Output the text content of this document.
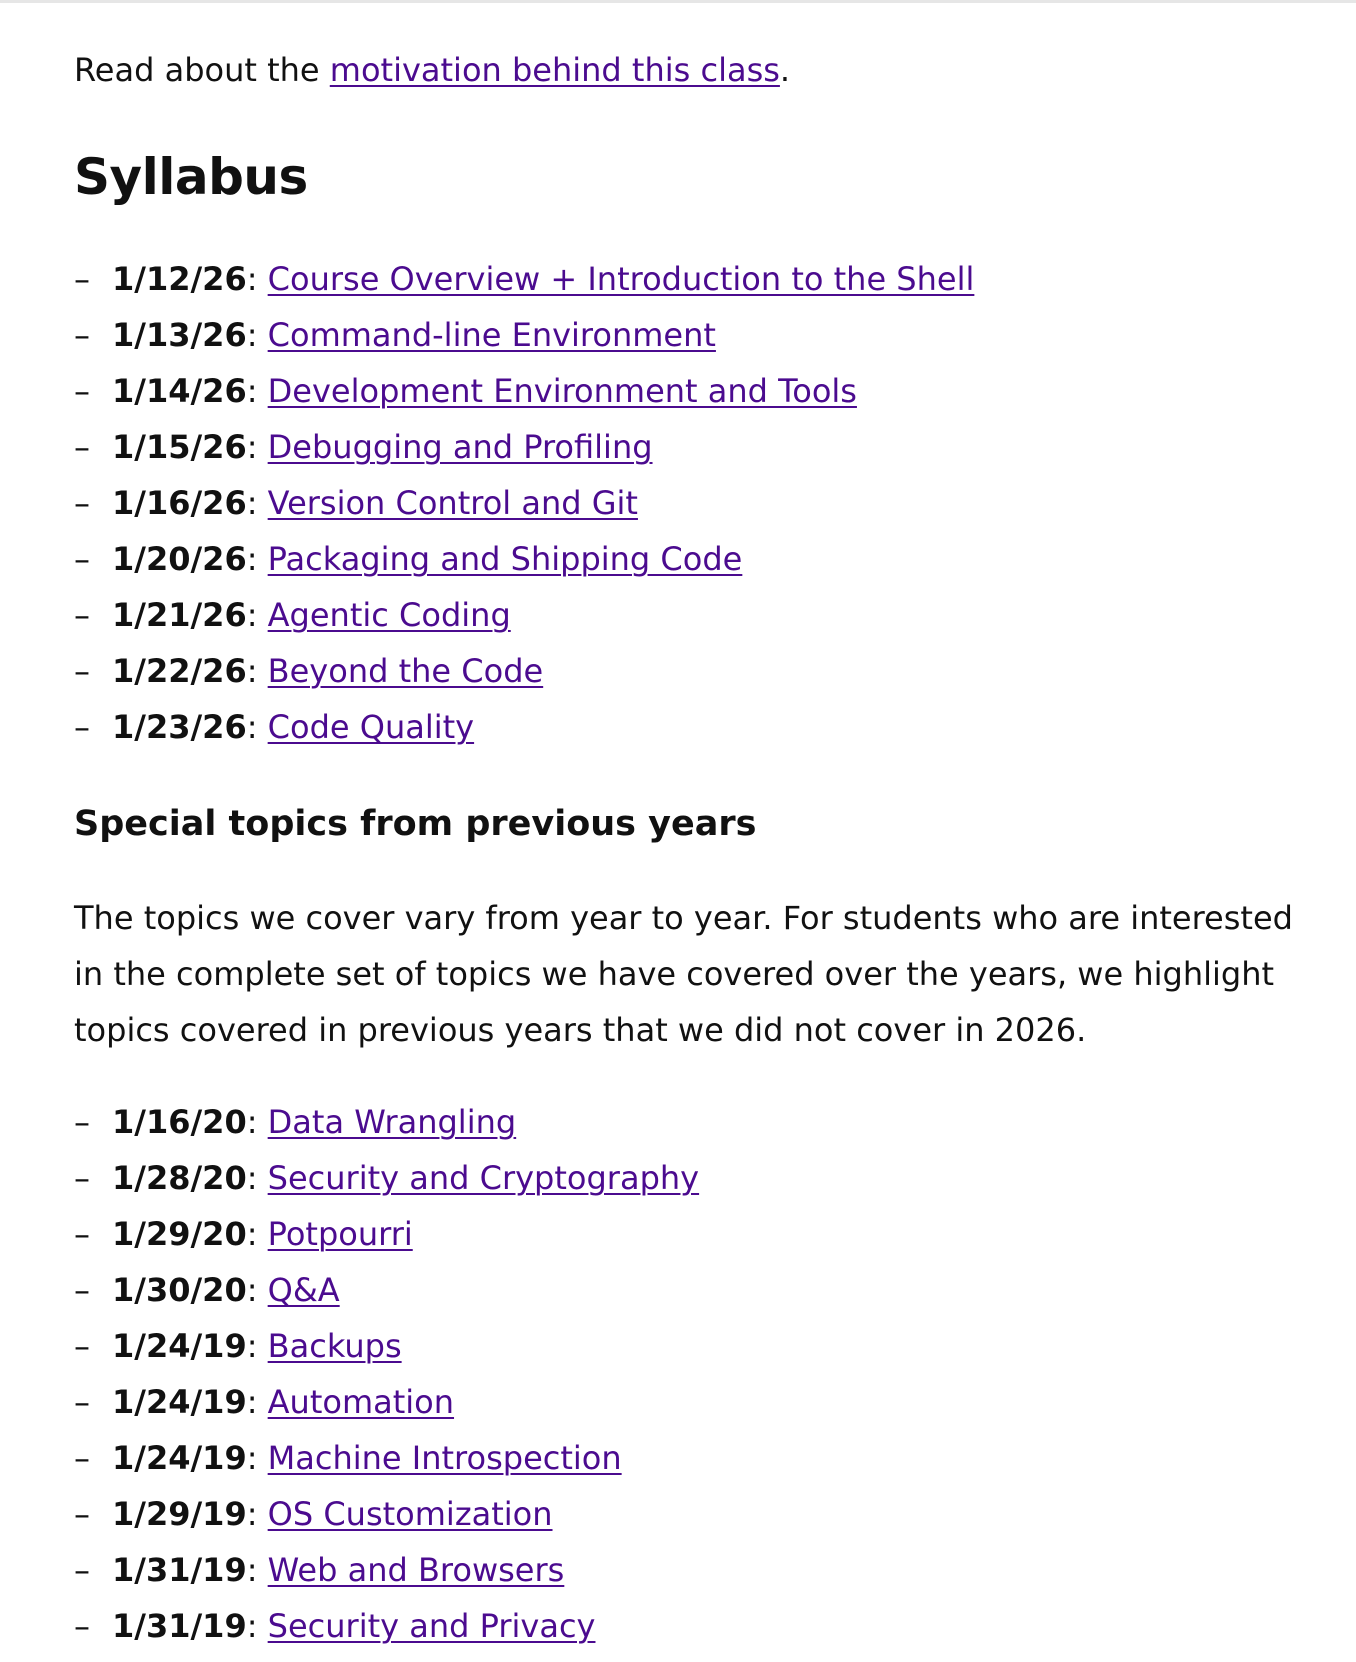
Read about the motivation behind this class.
Syllabus
– 1/12/26: Course Overview + Introduction to the Shell
– 1/13/26: Command-line Environment
– 1/14/26: Development Environment and Tools
– 1/15/26: Debugging and Profiling
– 1/16/26: Version Control and Git
– 1/20/26: Packaging and Shipping Code
– 1/21/26: Agentic Coding
– 1/22/26: Beyond the Code
– 1/23/26: Code Quality
Special topics from previous years

The topics we cover vary from year to year. For students who are interested in the complete set of topics we have covered over the years, we highlight topics covered in previous years that we did not cover in 2026.

– 1/16/20: Data Wrangling
– 1/28/20: Security and Cryptography
– 1/29/20: Potpourri
– 1/30/20: Q&A
– 1/24/19: Backups
– 1/24/19: Automation
– 1/24/19: Machine Introspection
– 1/29/19: OS Customization
– 1/31/19: Web and Browsers
– 1/31/19: Security and Privacy
